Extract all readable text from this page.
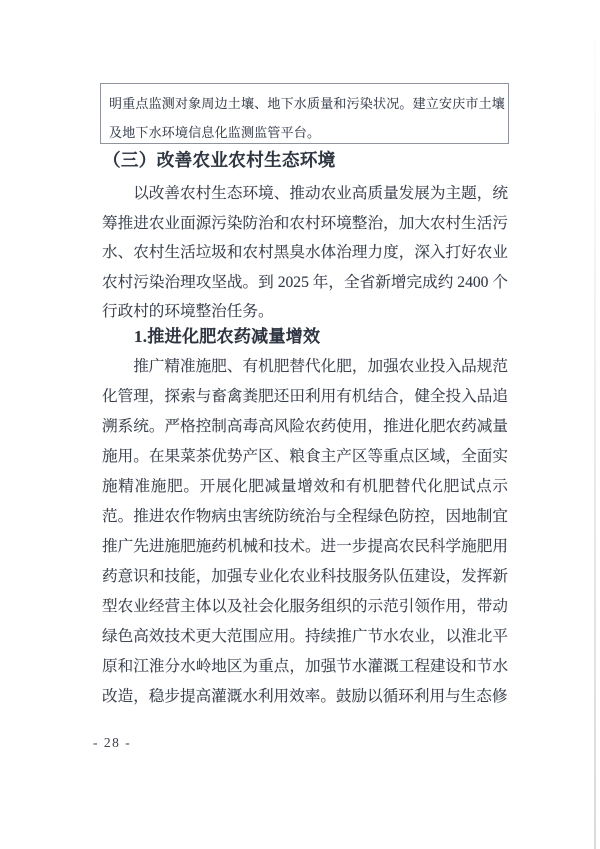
明重点监测对象周边土壤、地下水质量和污染状况。建立安庆市土壤
及地下水环境信息化监测监管平台。
（三）改善农业农村生态环境
以改善农村生态环境、推动农业高质量发展为主题，统
筹推进农业面源污染防治和农村环境整治，加大农村生活污
水、农村生活垃圾和农村黑臭水体治理力度，深入打好农业
农村污染治理攻坚战。到 2025 年，全省新增完成约 2400 个
行政村的环境整治任务。
1.推进化肥农药减量增效
推广精准施肥、有机肥替代化肥，加强农业投入品规范
化管理，探索与畜禽粪肥还田利用有机结合，健全投入品追
溯系统。严格控制高毒高风险农药使用，推进化肥农药减量
施用。在果菜茶优势产区、粮食主产区等重点区域，全面实
施精准施肥。开展化肥减量增效和有机肥替代化肥试点示
范。推进农作物病虫害统防统治与全程绿色防控，因地制宜
推广先进施肥施药机械和技术。进一步提高农民科学施肥用
药意识和技能，加强专业化农业科技服务队伍建设，发挥新
型农业经营主体以及社会化服务组织的示范引领作用，带动
绿色高效技术更大范围应用。持续推广节水农业，以淮北平
原和江淮分水岭地区为重点，加强节水灌溉工程建设和节水
改造，稳步提高灌溉水利用效率。鼓励以循环利用与生态修
- 28 -
